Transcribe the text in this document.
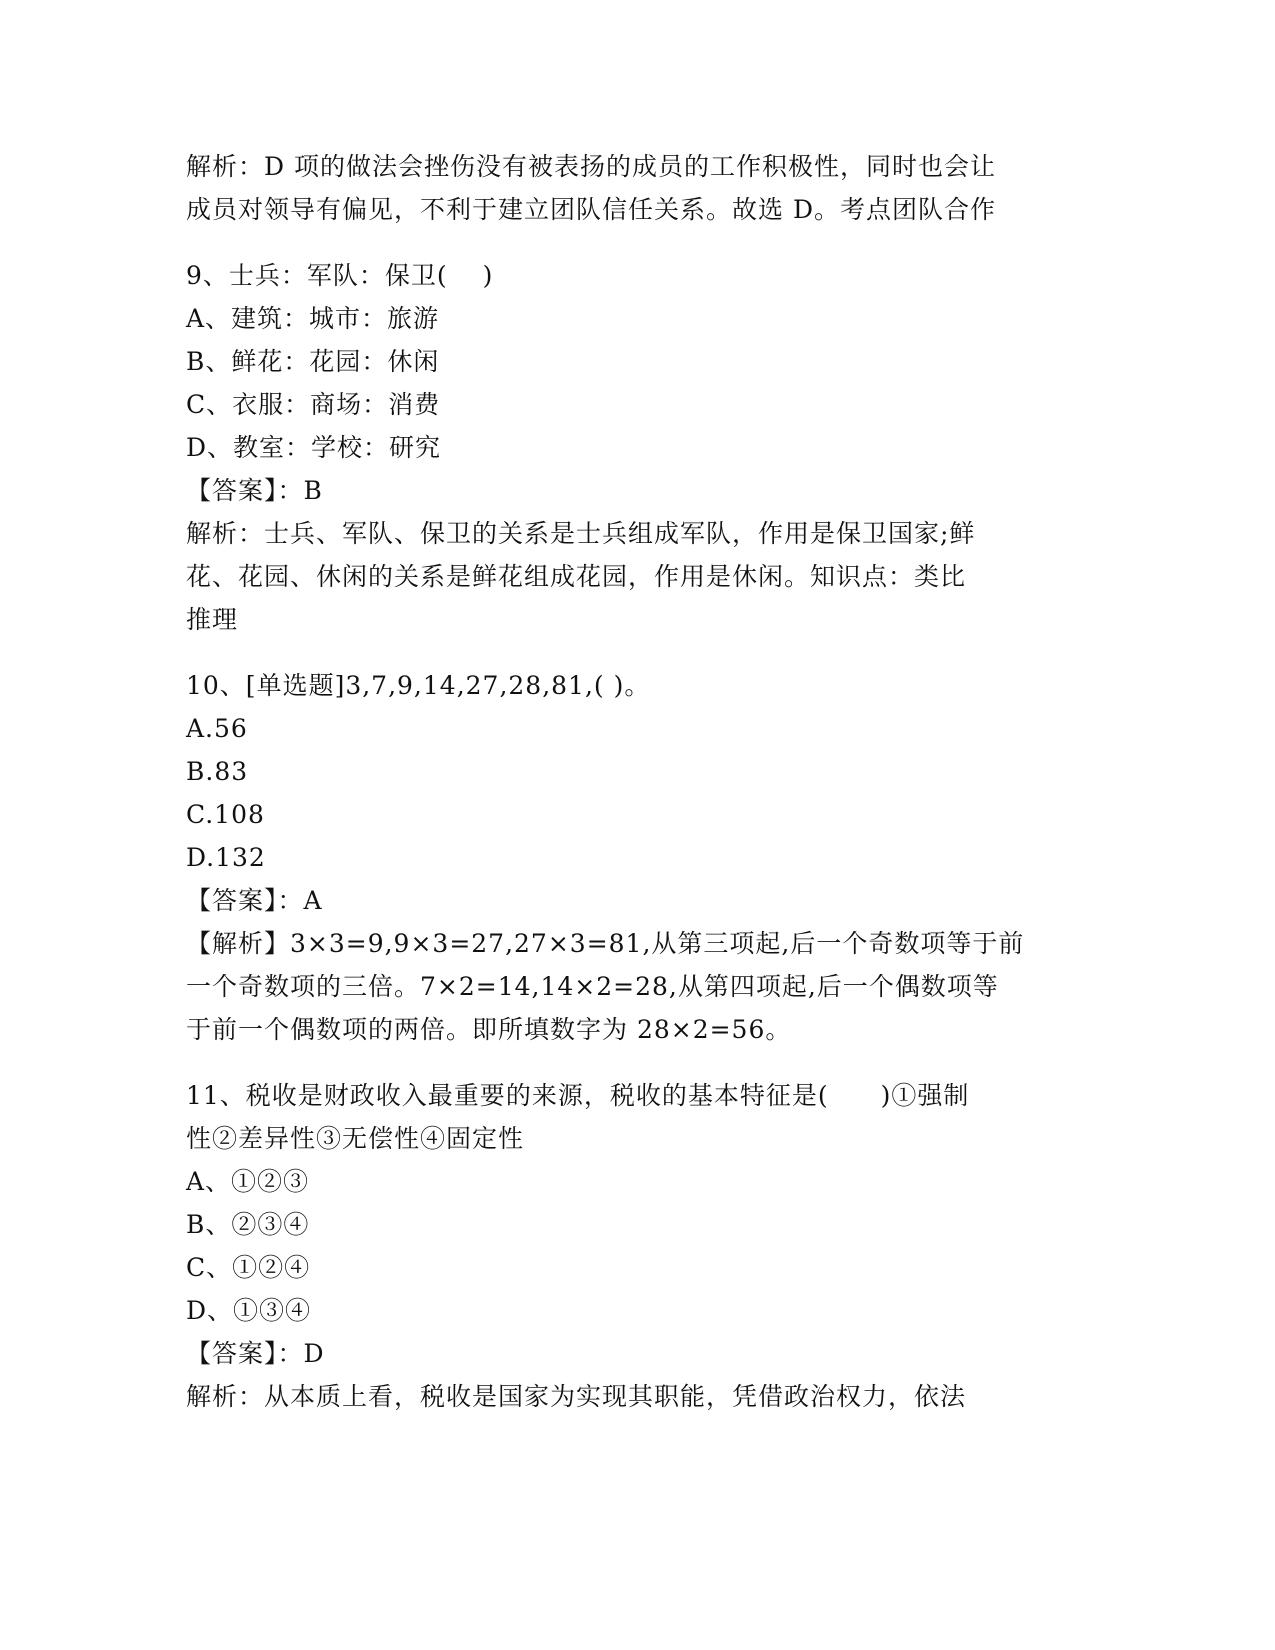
解析：D 项的做法会挫伤没有被表扬的成员的工作积极性，同时也会让
成员对领导有偏见，不利于建立团队信任关系。故选 D。考点团队合作
9、士兵：军队：保卫(　 )
A、建筑：城市：旅游
B、鲜花：花园：休闲
C、衣服：商场：消费
D、教室：学校：研究
【答案】：B
解析：士兵、军队、保卫的关系是士兵组成军队，作用是保卫国家;鲜
花、花园、休闲的关系是鲜花组成花园，作用是休闲。知识点：类比
推理
10、[单选题]3,7,9,14,27,28,81,( )。
A.56
B.83
C.108
D.132
【答案】：A
【解析】3×3=9,9×3=27,27×3=81,从第三项起,后一个奇数项等于前
一个奇数项的三倍。7×2=14,14×2=28,从第四项起,后一个偶数项等
于前一个偶数项的两倍。即所填数字为 28×2=56。
11、税收是财政收入最重要的来源，税收的基本特征是(　　)①强制
性②差异性③无偿性④固定性
A、①②③
B、②③④
C、①②④
D、①③④
【答案】：D
解析：从本质上看，税收是国家为实现其职能，凭借政治权力，依法
